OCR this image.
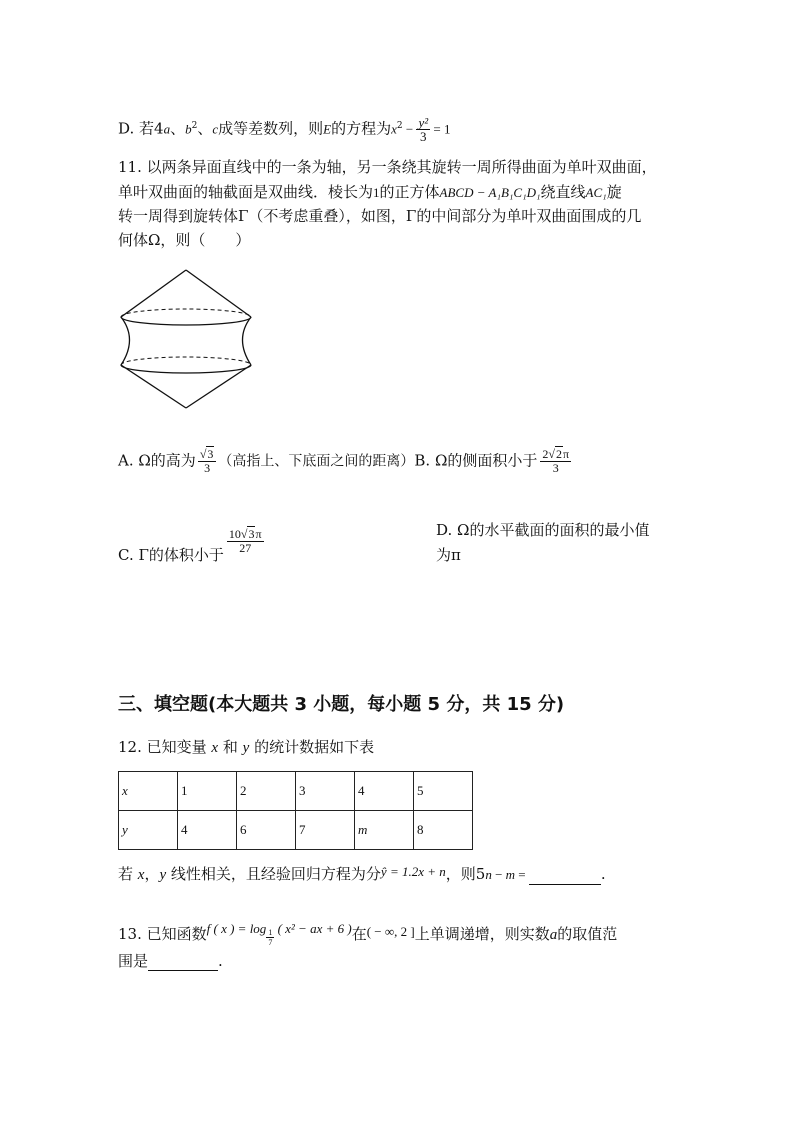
D. 若4a、$b^2$、c成等差数列，则E的方程为$x^2 - \frac{\text{y²}}{3} = 1$
11. 以两条异面直线中的一条为轴，另一条绕其旋转一周所得曲面为单叶双曲面，
单叶双曲面的轴截面是双曲线．棱长为1的正方体ABCD − A₁B₁C₁D₁绕直线AC₁旋
转一周得到旋转体Γ（不考虑重叠），如图，Γ的中间部分为单叶双曲面围成的几
何体Ω，则（　　）
A. Ω的高为 $\frac{√3}{3}$ （高指上、下底面之间的距离）B. Ω的侧面积小于 $\frac{2√2\pi}{3}$
C. Γ的体积小于 $\frac{10√3\pi}{27}$	D. Ω的水平截面的面积的最小值
为π
三、填空题(本大题共 3 小题，每小题 5 分，共 15 分)
12. 已知变量 x 和 y 的统计数据如下表
x	1	2	3	4	5
y	4	6	7	m	8
若 x，y 线性相关，且经验回归方程为分ŷ = 1.2x + n，则5n − m =	.
13. 已知函数f ( x ) = $\log \frac{1}{7}$ ( x² − ax + 6 )在( − ∞, 2 ]上单调递增，则实数a的取值范
围是	.
